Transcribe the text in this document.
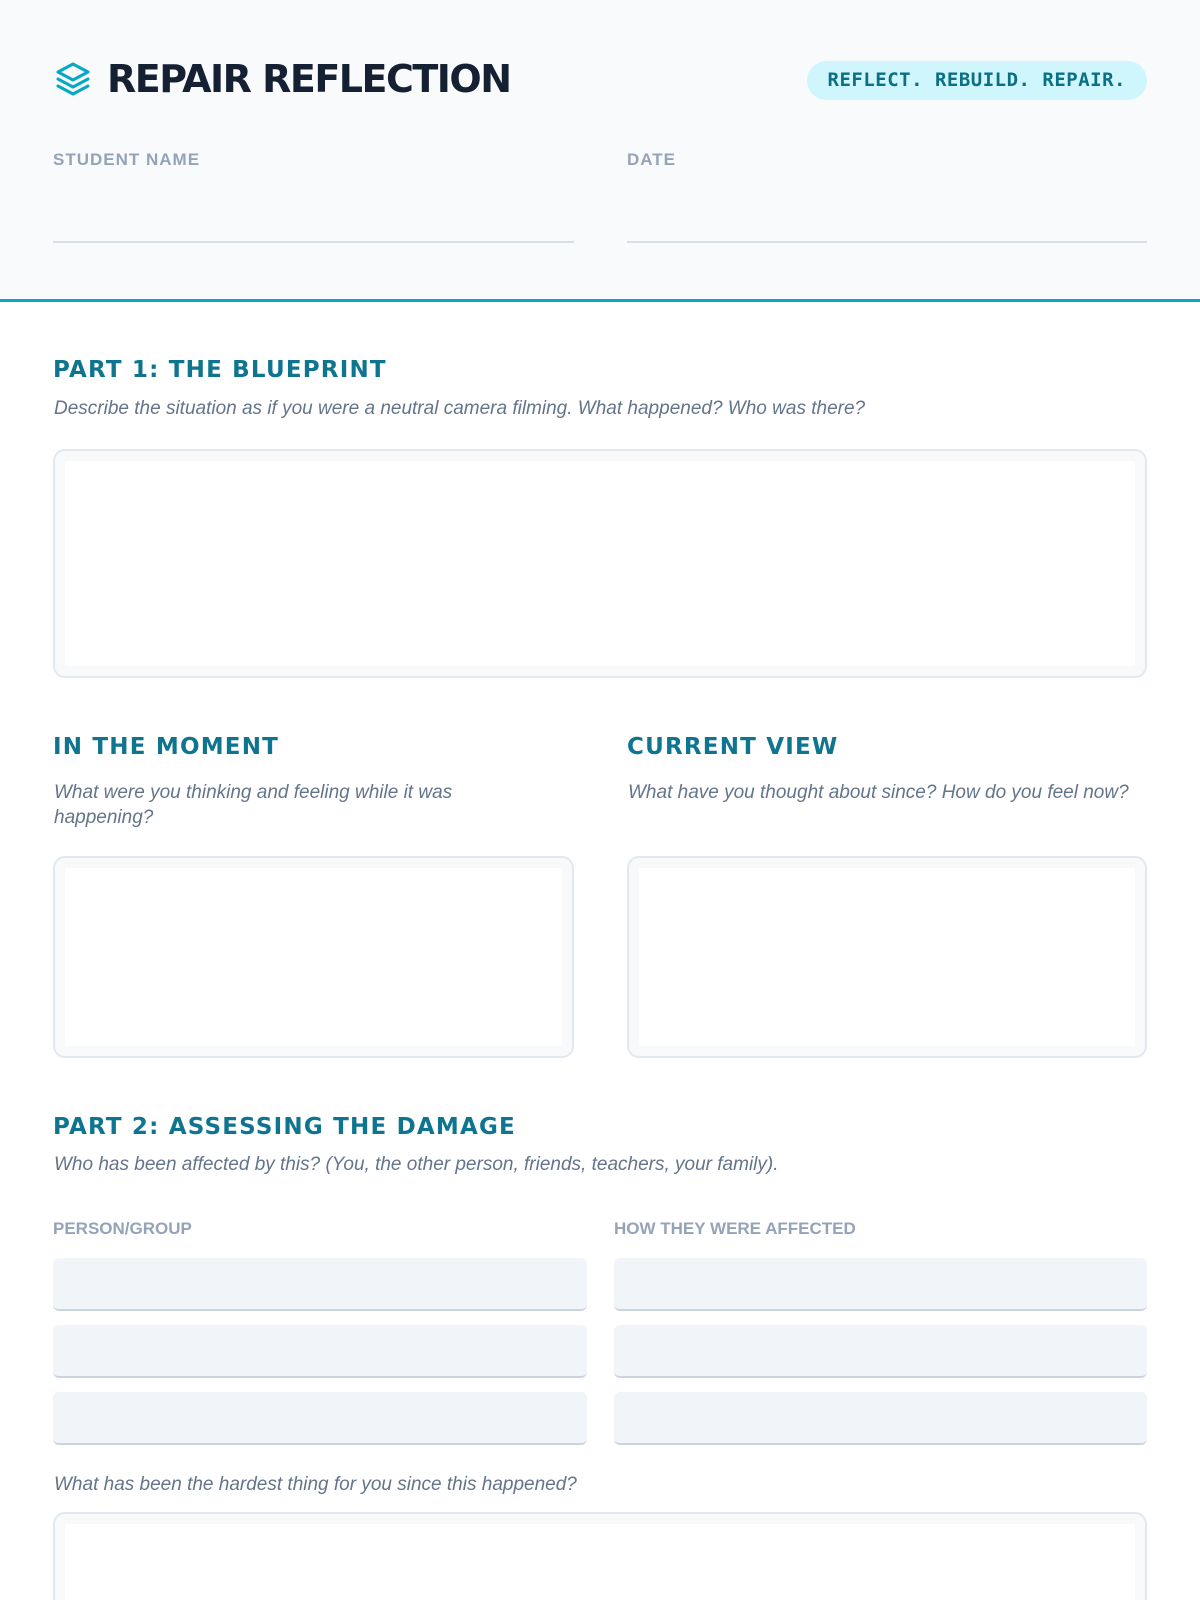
REPAIR REFLECTION	REFLECT. REBUILD. REPAIR.
STUDENT NAME	DATE
PART 1: THE BLUEPRINT
Describe the situation as if you were a neutral camera filming. What happened? Who was there?
IN THE MOMENT
What were you thinking and feeling while it was happening?
CURRENT VIEW
What have you thought about since? How do you feel now?
PART 2: ASSESSING THE DAMAGE
Who has been affected by this? (You, the other person, friends, teachers, your family).
PERSON/GROUP	HOW THEY WERE AFFECTED
What has been the hardest thing for you since this happened?
